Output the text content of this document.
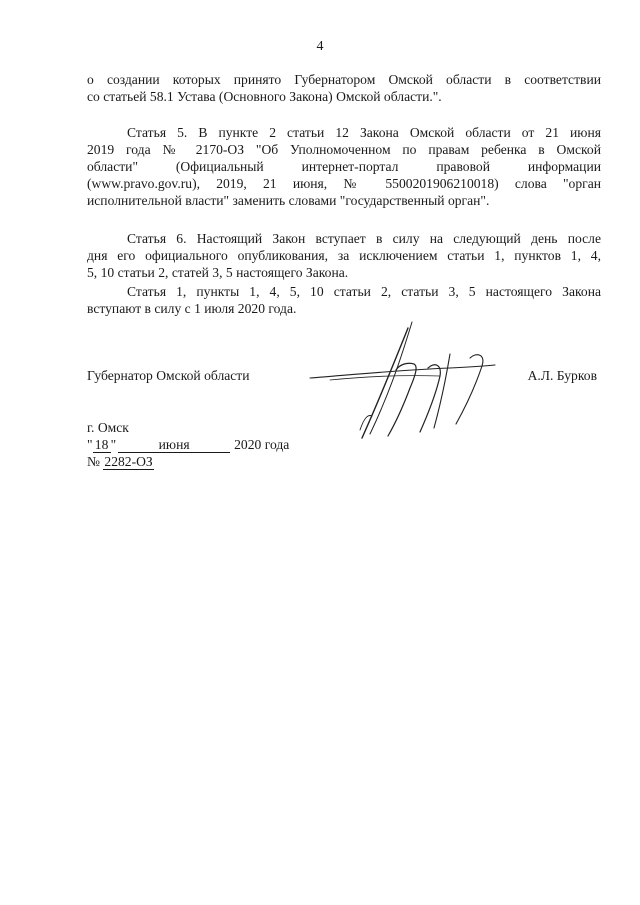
4
о создании которых принято Губернатором Омской области в соответствии
со статьей 58.1 Устава (Основного Закона) Омской области.".
Статья 5. В пункте 2 статьи 12 Закона Омской области от 21 июня
2019 года № 2170-ОЗ "Об Уполномоченном по правам ребенка в Омской
области" (Официальный интернет-портал правовой информации
(www.pravo.gov.ru), 2019, 21 июня, № 5500201906210018) слова "орган
исполнительной власти" заменить словами "государственный орган".
Статья 6. Настоящий Закон вступает в силу на следующий день после
дня его официального опубликования, за исключением статьи 1, пунктов 1, 4,
5, 10 статьи 2, статей 3, 5 настоящего Закона.
Статья 1, пункты 1, 4, 5, 10 статьи 2, статьи 3, 5 настоящего Закона
вступают в силу с 1 июля 2020 года.
Губернатор Омской области	А.Л. Бурков
г. Омск
" 18 "	июня	2020 года
№ 2282-ОЗ
